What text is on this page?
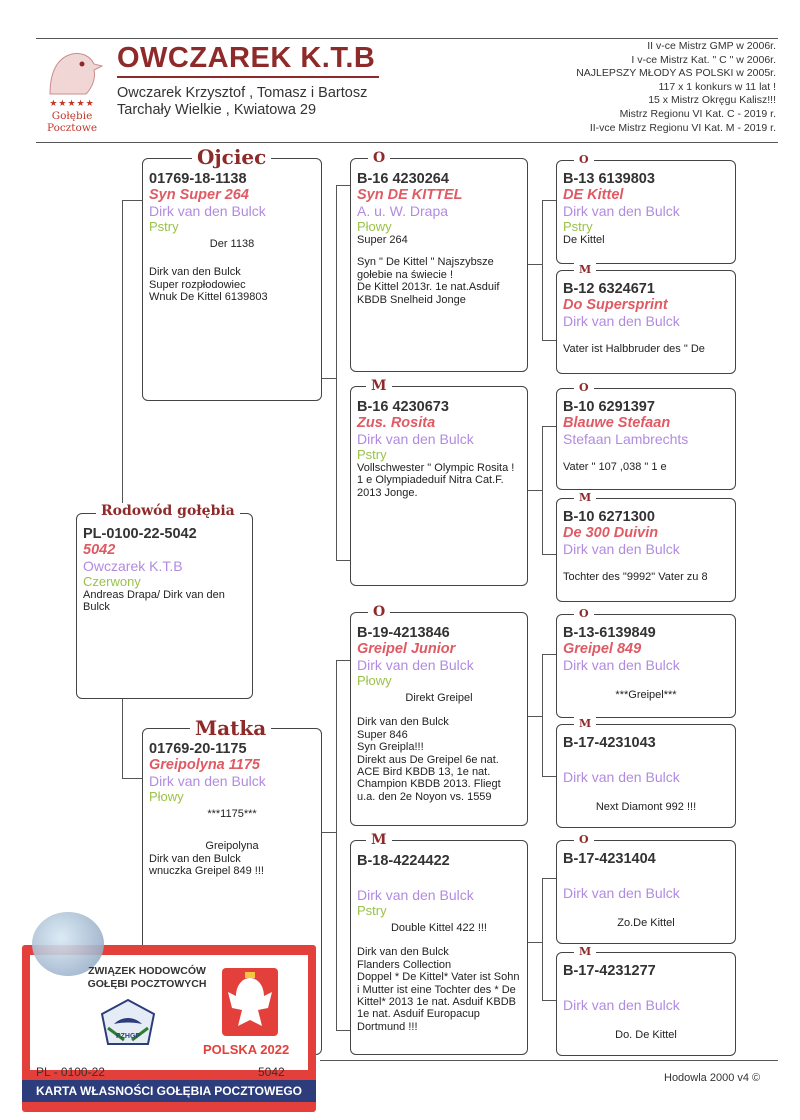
★★★★★
Gołębie
Pocztowe
OWCZAREK K.T.B
Owczarek Krzysztof , Tomasz i Bartosz
Tarchały Wielkie , Kwiatowa 29
II v-ce Mistrz GMP w 2006r.
I v-ce Mistrz Kat. " C " w 2006r.
NAJLEPSZY MŁODY AS POLSKI w 2005r.
117 x 1 konkurs w 11 lat !
15 x Mistrz Okręgu Kalisz!!!
Mistrz Regionu VI Kat. C - 2019 r.
II-vce Mistrz Regionu VI Kat. M - 2019 r.
PL-0100-22-5042
5042
Owczarek K.T.B
Czerwony
Andreas Drapa/ Dirk van den Bulck
Rodowód gołębia
01769-18-1138
Syn Super 264
Dirk van den Bulck
Pstry
Der 1138
Dirk van den Bulck
Super rozpłodowiec
Wnuk De Kittel 6139803
Ojciec
01769-20-1175
Greipolyna 1175
Dirk van den Bulck
Płowy
***1175***
Greipolyna
Dirk van den Bulck
wnuczka Greipel 849 !!!
Matka
B-16 4230264
Syn DE KITTEL
A. u. W. Drapa
Płowy
Super 264
Syn " De Kittel " Najszybsze gołebie na świecie !
De Kittel 2013r. 1e nat.Asduif KBDB Snelheid Jonge
O
B-16 4230673
Zus. Rosita
Dirk van den Bulck
Pstry
Vollschwester " Olympic Rosita ! 1 e Olympiadeduif Nitra Cat.F. 2013 Jonge.
M
B-19-4213846
Greipel Junior
Dirk van den Bulck
Płowy
Direkt Greipel
Dirk van den Bulck
Super 846
Syn Greipla!!!
Direkt aus De Greipel 6e nat. ACE Bird KBDB 13, 1e nat. Champion KBDB 2013. Fliegt u.a. den 2e Noyon vs. 1559
O
B-18-4224422
Dirk van den Bulck
Pstry
Double Kittel 422 !!!
Dirk van den Bulck
Flanders Collection
Doppel * De Kittel* Vater ist Sohn i Mutter ist eine Tochter des * De Kittel* 2013 1e nat. Asduif KBDB 1e nat. Asduif Europacup Dortmund !!!
M
B-13 6139803
DE Kittel
Dirk van den Bulck
Pstry
De Kittel
O
B-12 6324671
Do Supersprint
Dirk van den Bulck
Vater ist Halbbruder des " De
M
B-10 6291397
Blauwe Stefaan
Stefaan Lambrechts
Vater " 107 ,038 " 1 e
O
B-10 6271300
De 300 Duivin
Dirk van den Bulck
Tochter des "9992" Vater zu 8
M
B-13-6139849
Greipel 849
Dirk van den Bulck
***Greipel***
O
B-17-4231043
Dirk van den Bulck
Next Diamont 992 !!!
M
B-17-4231404
Dirk van den Bulck
Zo.De Kittel
O
B-17-4231277
Dirk van den Bulck
Do. De Kittel
M
Hodowla 2000 v4 ©
ZWIĄZEK HODOWCÓW
GOŁĘBI POCZTOWYCH
PZHGP
POLSKA 2022
PL - 0100-22	5042
KARTA WŁASNOŚCI GOŁĘBIA POCZTOWEGO
